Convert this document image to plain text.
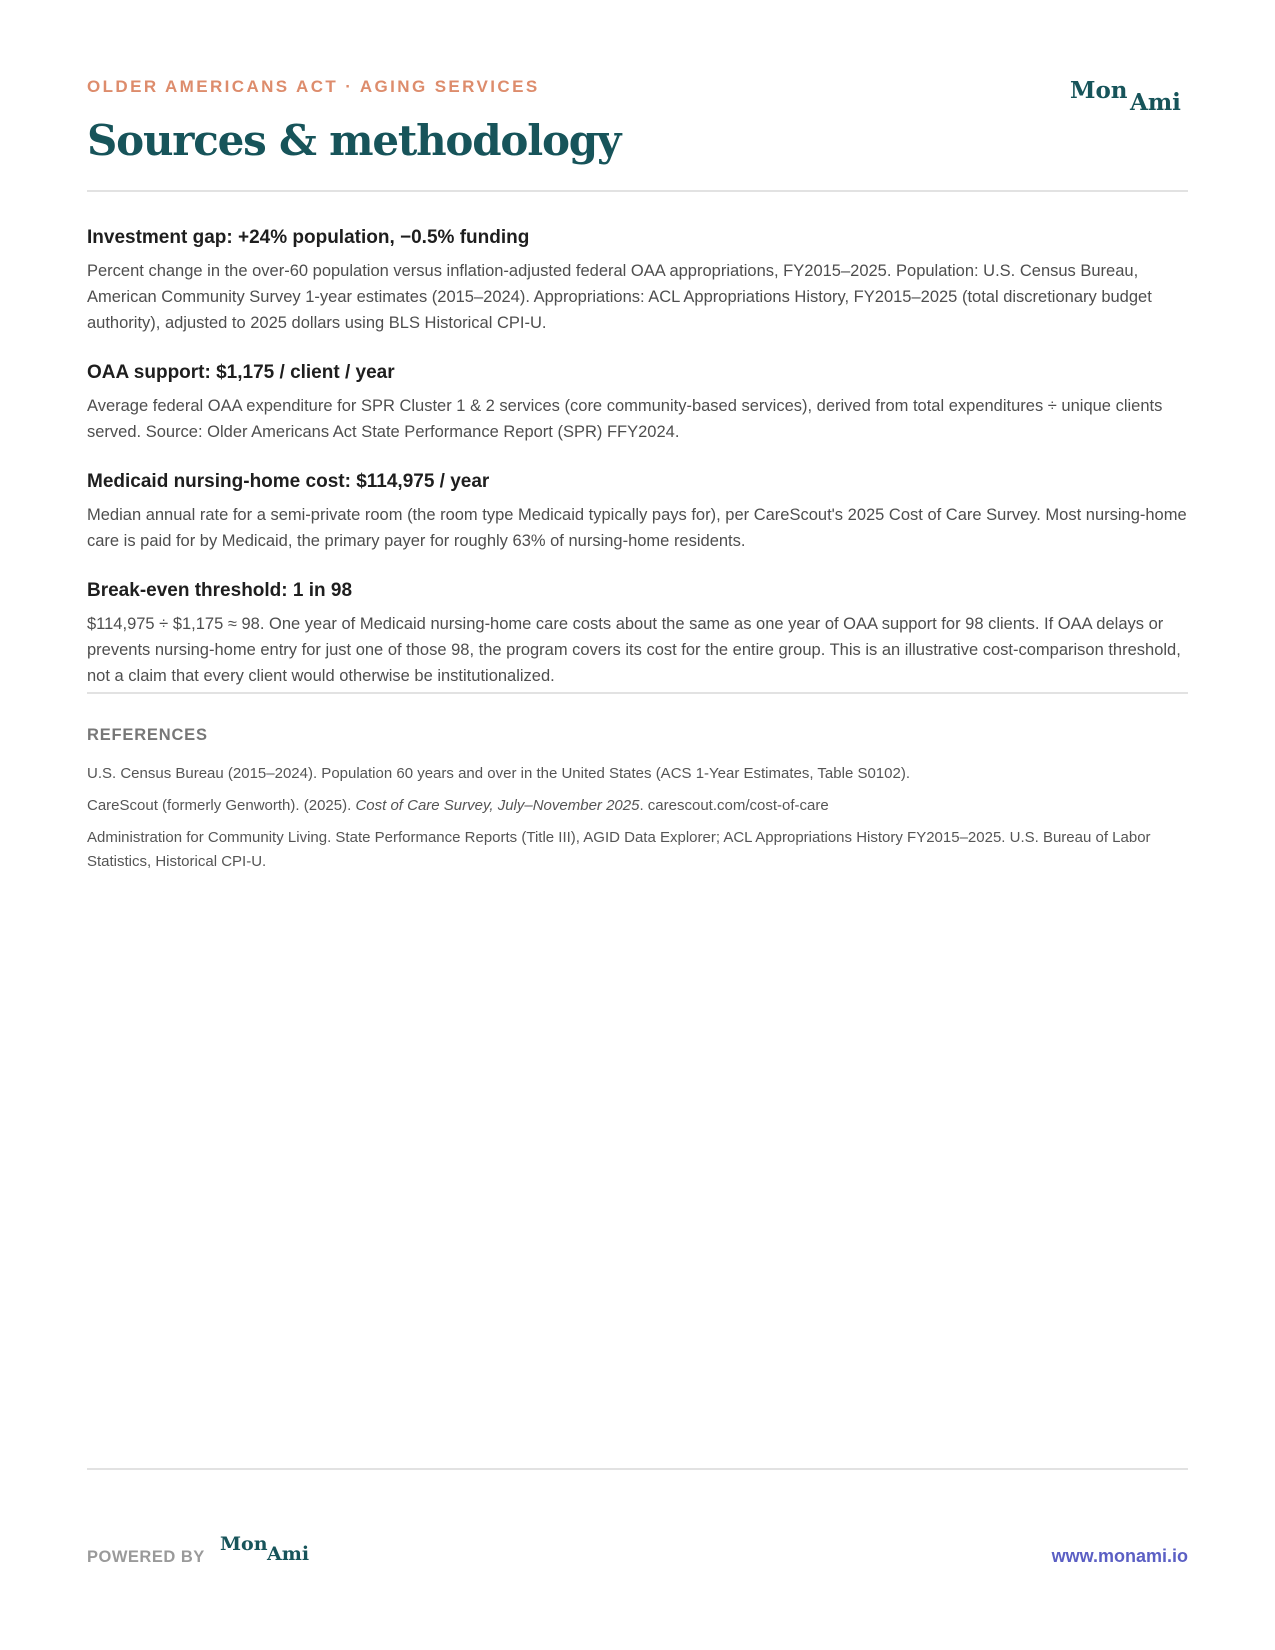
OLDER AMERICANS ACT · AGING SERVICES	Mon Ami
Sources & methodology
Investment gap: +24% population, −0.5% funding

Percent change in the over-60 population versus inflation-adjusted federal OAA appropriations, FY2015–2025. Population: U.S. Census Bureau, American Community Survey 1-year estimates (2015–2024). Appropriations: ACL Appropriations History, FY2015–2025 (total discretionary budget authority), adjusted to 2025 dollars using BLS Historical CPI-U.

OAA support: $1,175 / client / year

Average federal OAA expenditure for SPR Cluster 1 & 2 services (core community-based services), derived from total expenditures ÷ unique clients served. Source: Older Americans Act State Performance Report (SPR) FFY2024.

Medicaid nursing-home cost: $114,975 / year

Median annual rate for a semi-private room (the room type Medicaid typically pays for), per CareScout's 2025 Cost of Care Survey. Most nursing-home care is paid for by Medicaid, the primary payer for roughly 63% of nursing-home residents.

Break-even threshold: 1 in 98

$114,975 ÷ $1,175 ≈ 98. One year of Medicaid nursing-home care costs about the same as one year of OAA support for 98 clients. If OAA delays or prevents nursing-home entry for just one of those 98, the program covers its cost for the entire group. This is an illustrative cost-comparison threshold, not a claim that every client would otherwise be institutionalized.

REFERENCES

U.S. Census Bureau (2015–2024). Population 60 years and over in the United States (ACS 1-Year Estimates, Table S0102).

CareScout (formerly Genworth). (2025). Cost of Care Survey, July–November 2025. carescout.com/cost-of-care

Administration for Community Living. State Performance Reports (Title III), AGID Data Explorer; ACL Appropriations History FY2015–2025. U.S. Bureau of Labor Statistics, Historical CPI-U.

POWERED BY
Mon Ami	www.monami.io
